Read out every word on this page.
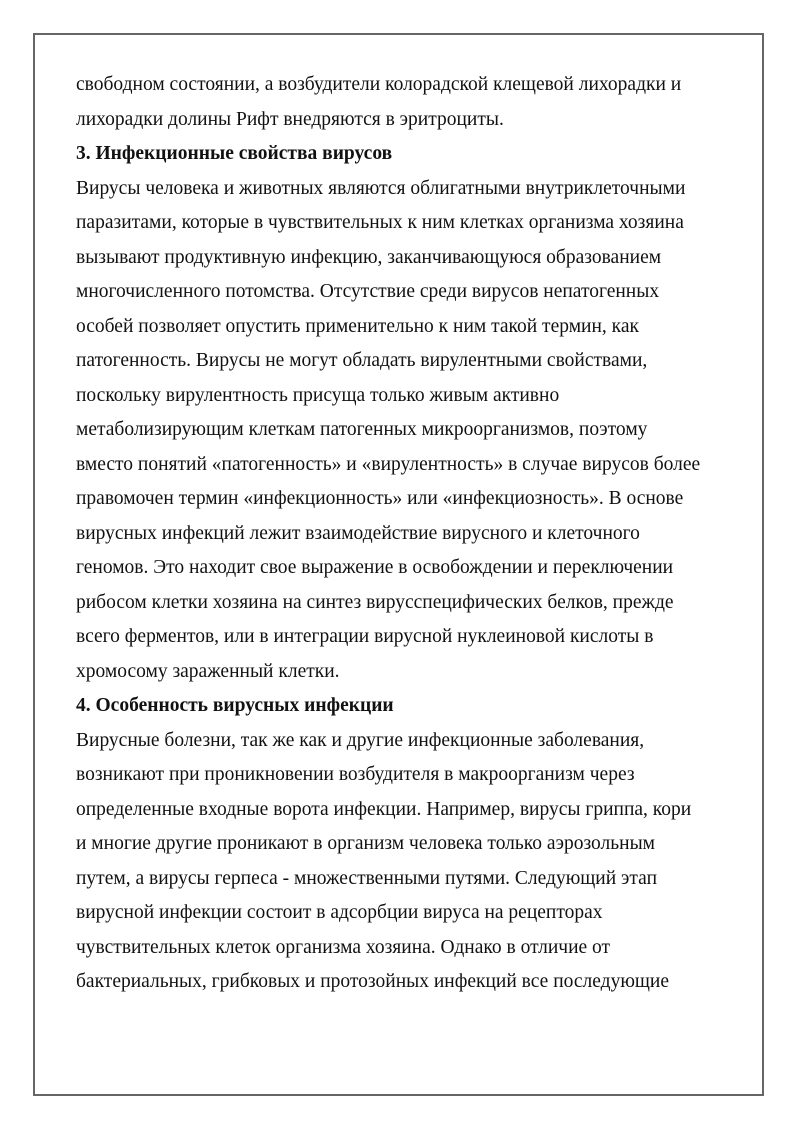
свободном состоянии, а возбудители колорадской клещевой лихорадки и
лихорадки долины Рифт внедряются в эритроциты.
3. Инфекционные свойства вирусов
Вирусы человека и животных являются облигатными внутриклеточными
паразитами, которые в чувствительных к ним клетках организма хозяина
вызывают продуктивную инфекцию, заканчивающуюся образованием
многочисленного потомства. Отсутствие среди вирусов непатогенных
особей позволяет опустить применительно к ним такой термин, как
патогенность. Вирусы не могут обладать вирулентными свойствами,
поскольку вирулентность присуща только живым активно
метаболизирующим клеткам патогенных микроорганизмов, поэтому
вместо понятий «патогенность» и «вирулентность» в случае вирусов более
правомочен термин «инфекционность» или «инфекциозность». В основе
вирусных инфекций лежит взаимодействие вирусного и клеточного
геномов. Это находит свое выражение в освобождении и переключении
рибосом клетки хозяина на синтез вирусспецифических белков, прежде
всего ферментов, или в интеграции вирусной нуклеиновой кислоты в
хромосому зараженный клетки.
4. Особенность вирусных инфекции
Вирусные болезни, так же как и другие инфекционные заболевания,
возникают при проникновении возбудителя в макроорганизм через
определенные входные ворота инфекции. Например, вирусы гриппа, кори
и многие другие проникают в организм человека только аэрозольным
путем, а вирусы герпеса - множественными путями. Следующий этап
вирусной инфекции состоит в адсорбции вируса на рецепторах
чувствительных клеток организма хозяина. Однако в отличие от
бактериальных, грибковых и протозойных инфекций все последующие
